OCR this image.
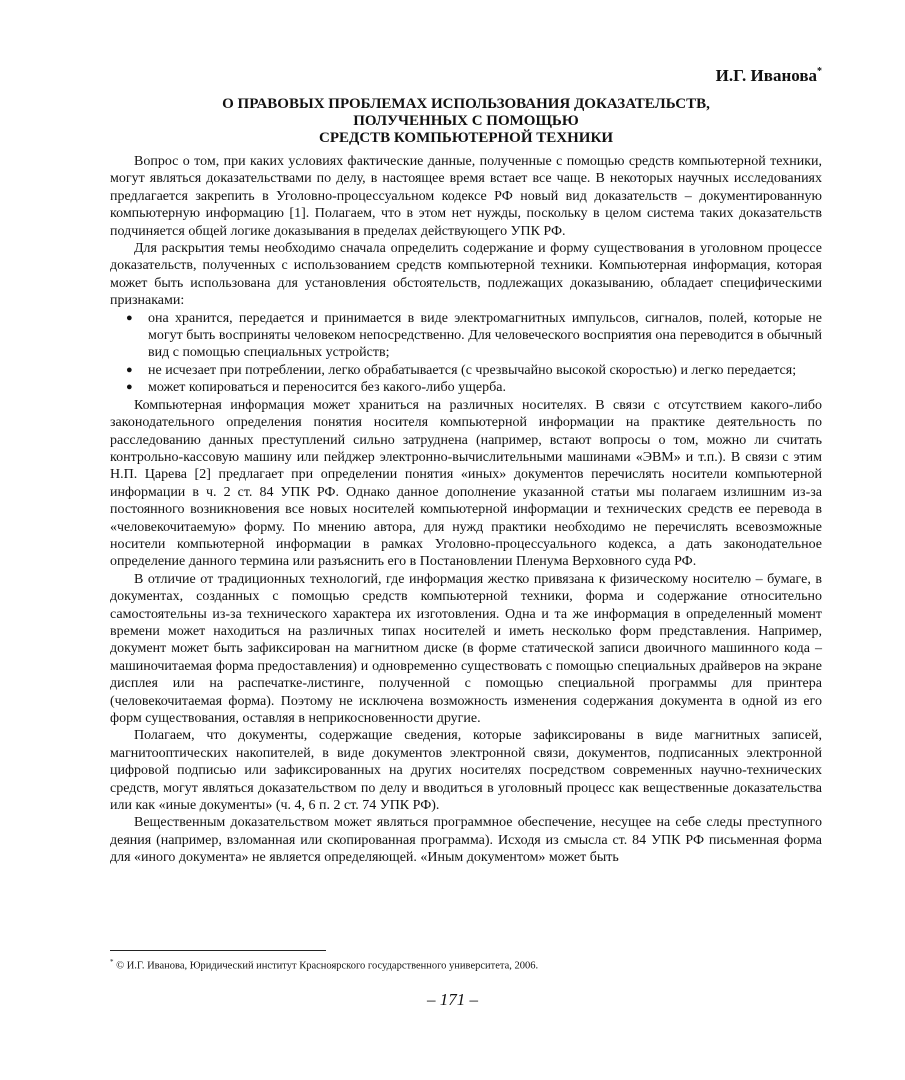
И.Г. Иванова*
О ПРАВОВЫХ ПРОБЛЕМАХ ИСПОЛЬЗОВАНИЯ ДОКАЗАТЕЛЬСТВ,
ПОЛУЧЕННЫХ С ПОМОЩЬЮ
СРЕДСТВ КОМПЬЮТЕРНОЙ ТЕХНИКИ

Вопрос о том, при каких условиях фактические данные, полученные с помощью средств компьютерной техники, могут являться доказательствами по делу, в настоящее время встает все чаще. В некоторых научных исследованиях предлагается закрепить в Уголовно-процессуальном кодексе РФ новый вид доказательств – документированную компьютерную информацию [1]. Полагаем, что в этом нет нужды, поскольку в целом система таких доказательств подчиняется общей логике доказывания в пределах действующего УПК РФ.

Для раскрытия темы необходимо сначала определить содержание и форму существования в уголовном процессе доказательств, полученных с использованием средств компьютерной техники. Компьютерная информация, которая может быть использована для установления обстоятельств, подлежащих доказыванию, обладает специфическими признаками:

● она хранится, передается и принимается в виде электромагнитных импульсов, сигналов, полей, которые не могут быть восприняты человеком непосредственно. Для человеческого восприятия она переводится в обычный вид с помощью специальных устройств;
● не исчезает при потреблении, легко обрабатывается (с чрезвычайно высокой скоростью) и легко передается;
● может копироваться и переносится без какого-либо ущерба.

Компьютерная информация может храниться на различных носителях. В связи с отсутствием какого-либо законодательного определения понятия носителя компьютерной информации на практике деятельность по расследованию данных преступлений сильно затруднена (например, встают вопросы о том, можно ли считать контрольно-кассовую машину или пейджер электронно-вычислительными машинами «ЭВМ» и т.п.). В связи с этим Н.П. Царева [2] предлагает при определении понятия «иных» документов перечислять носители компьютерной информации в ч. 2 ст. 84 УПК РФ. Однако данное дополнение указанной статьи мы полагаем излишним из-за постоянного возникновения все новых носителей компьютерной информации и технических средств ее перевода в «человекочитаемую» форму. По мнению автора, для нужд практики необходимо не перечислять всевозможные носители компьютерной информации в рамках Уголовно-процессуального кодекса, а дать законодательное определение данного термина или разъяснить его в Постановлении Пленума Верховного суда РФ.

В отличие от традиционных технологий, где информация жестко привязана к физическому носителю – бумаге, в документах, созданных с помощью средств компьютерной техники, форма и содержание относительно самостоятельны из-за технического характера их изготовления. Одна и та же информация в определенный момент времени может находиться на различных типах носителей и иметь несколько форм представления. Например, документ может быть зафиксирован на магнитном диске (в форме статической записи двоичного машинного кода – машиночитаемая форма предоставления) и одновременно существовать с помощью специальных драйверов на экране дисплея или на распечатке-листинге, полученной с помощью специальной программы для принтера (человекочитаемая форма). Поэтому не исключена возможность изменения содержания документа в одной из его форм существования, оставляя в неприкосновенности другие.

Полагаем, что документы, содержащие сведения, которые зафиксированы в виде магнитных записей, магнитооптических накопителей, в виде документов электронной связи, документов, подписанных электронной цифровой подписью или зафиксированных на других носителях посредством современных научно-технических средств, могут являться доказательством по делу и вводиться в уголовный процесс как вещественные доказательства или как «иные документы» (ч. 4, 6 п. 2 ст. 74 УПК РФ).

Вещественным доказательством может являться программное обеспечение, несущее на себе следы преступного деяния (например, взломанная или скопированная программа). Исходя из смысла ст. 84 УПК РФ письменная форма для «иного документа» не является определяющей. «Иным документом» может быть

* © И.Г. Иванова, Юридический институт Красноярского государственного университета, 2006.
– 171 –
